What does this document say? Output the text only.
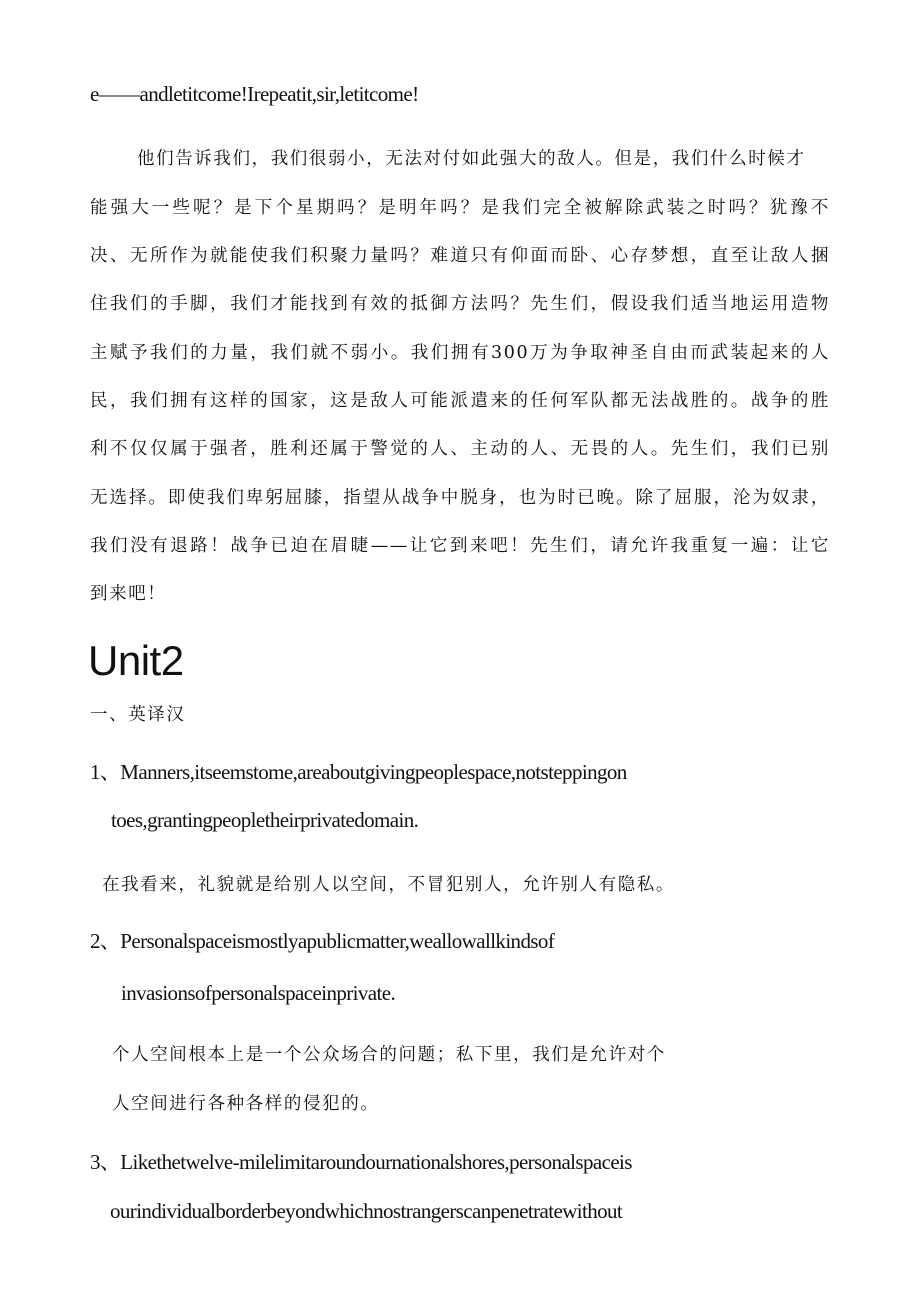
e——andletitcome!Irepeatit,sir,letitcome!
他们告诉我们，我们很弱小，无法对付如此强大的敌人。但是，我们什么时候才
能强大一些呢？是下个星期吗？是明年吗？是我们完全被解除武装之时吗？犹豫不
决、无所作为就能使我们积聚力量吗？难道只有仰面而卧、心存梦想，直至让敌人捆
住我们的手脚，我们才能找到有效的抵御方法吗？先生们，假设我们适当地运用造物
主赋予我们的力量，我们就不弱小。我们拥有300万为争取神圣自由而武装起来的人
民，我们拥有这样的国家，这是敌人可能派遣来的任何军队都无法战胜的。战争的胜
利不仅仅属于强者，胜利还属于警觉的人、主动的人、无畏的人。先生们，我们已别
无选择。即使我们卑躬屈膝，指望从战争中脱身，也为时已晚。除了屈服，沦为奴隶，
我们没有退路！战争已迫在眉睫——让它到来吧！先生们，请允许我重复一遍：让它
到来吧！
Unit2
一、英译汉
1、Manners,itseemstome,areaboutgivingpeoplespace,notsteppingon
toes,grantingpeopletheirprivatedomain.
在我看来，礼貌就是给别人以空间，不冒犯别人，允许别人有隐私。
2、Personalspaceismostlyapublicmatter,weallowallkindsof
invasionsofpersonalspaceinprivate.
个人空间根本上是一个公众场合的问题；私下里，我们是允许对个
人空间进行各种各样的侵犯的。
3、Likethetwelve-milelimitaroundournationalshores,personalspaceis
ourindividualborderbeyondwhichnostrangerscanpenetratewithout
